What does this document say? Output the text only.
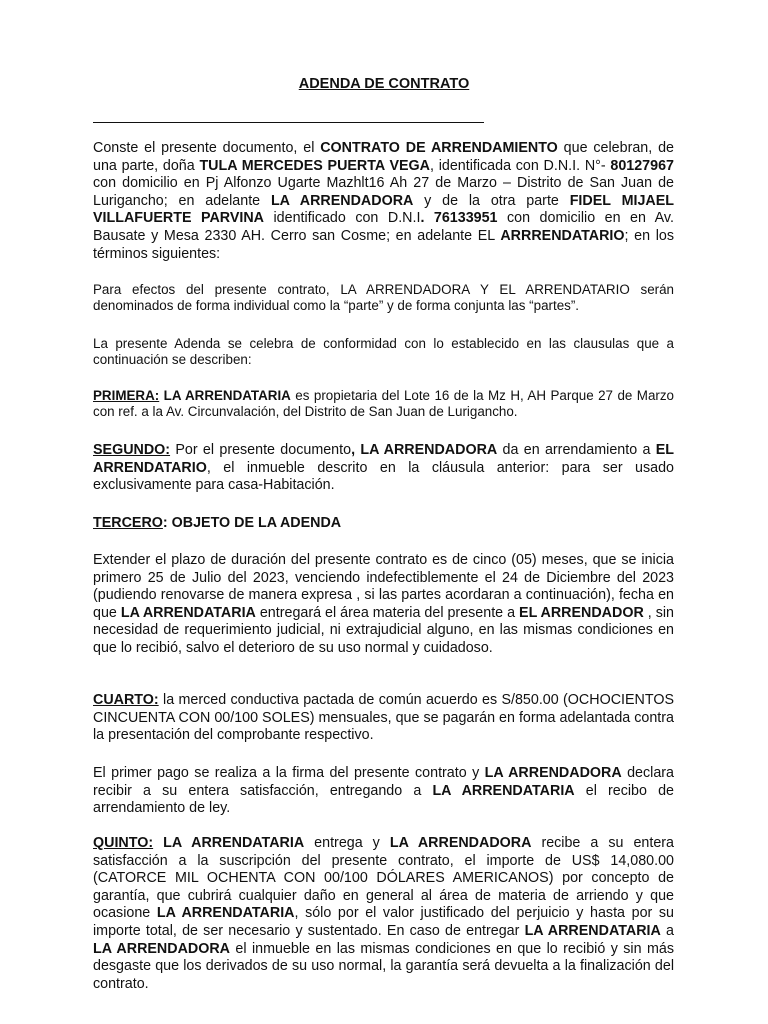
ADENDA DE CONTRATO

Conste el presente documento, el CONTRATO DE ARRENDAMIENTO que celebran, de una parte, doña TULA MERCEDES PUERTA VEGA, identificada con D.N.I. N°- 80127967 con domicilio en Pj Alfonzo Ugarte Mazhlt16 Ah 27 de Marzo – Distrito de San Juan de Lurigancho; en adelante LA ARRENDADORA y de la otra parte FIDEL MIJAEL VILLAFUERTE PARVINA identificado con D.N.I. 76133951 con domicilio en en Av. Bausate y Mesa 2330 AH. Cerro san Cosme; en adelante EL ARRRENDATARIO; en los términos siguientes:

Para efectos del presente contrato, LA ARRENDADORA Y EL ARRENDATARIO serán denominados de forma individual como la “parte” y de forma conjunta las “partes”.

La presente Adenda se celebra de conformidad con lo establecido en las clausulas que a continuación se describen:

PRIMERA: LA ARRENDATARIA es propietaria del Lote 16 de la Mz H, AH Parque 27 de Marzo con ref. a la Av. Circunvalación, del Distrito de San Juan de Lurigancho.

SEGUNDO: Por el presente documento, LA ARRENDADORA da en arrendamiento a EL ARRENDATARIO, el inmueble descrito en la cláusula anterior: para ser usado exclusivamente para casa-Habitación.

TERCERO: OBJETO DE LA ADENDA

Extender el plazo de duración del presente contrato es de cinco (05) meses, que se inicia primero 25 de Julio del 2023, venciendo indefectiblemente el 24 de Diciembre del 2023 (pudiendo renovarse de manera expresa , si las partes acordaran a continuación), fecha en que LA ARRENDATARIA entregará el área materia del presente a EL ARRENDADOR , sin necesidad de requerimiento judicial, ni extrajudicial alguno, en las mismas condiciones en que lo recibió, salvo el deterioro de su uso normal y cuidadoso.

CUARTO: la merced conductiva pactada de común acuerdo es S/850.00 (OCHOCIENTOS CINCUENTA CON 00/100 SOLES) mensuales, que se pagarán en forma adelantada contra la presentación del comprobante respectivo.

El primer pago se realiza a la firma del presente contrato y LA ARRENDADORA declara recibir a su entera satisfacción, entregando a LA ARRENDATARIA el recibo de arrendamiento de ley.

QUINTO: LA ARRENDATARIA entrega y LA ARRENDADORA recibe a su entera satisfacción a la suscripción del presente contrato, el importe de US$ 14,080.00 (CATORCE MIL OCHENTA CON 00/100 DÓLARES AMERICANOS) por concepto de garantía, que cubrirá cualquier daño en general al área de materia de arriendo y que ocasione LA ARRENDATARIA, sólo por el valor justificado del perjuicio y hasta por su importe total, de ser necesario y sustentado. En caso de entregar LA ARRENDATARIA a LA ARRENDADORA el inmueble en las mismas condiciones en que lo recibió y sin más desgaste que los derivados de su uso normal, la garantía será devuelta a la finalización del contrato.
